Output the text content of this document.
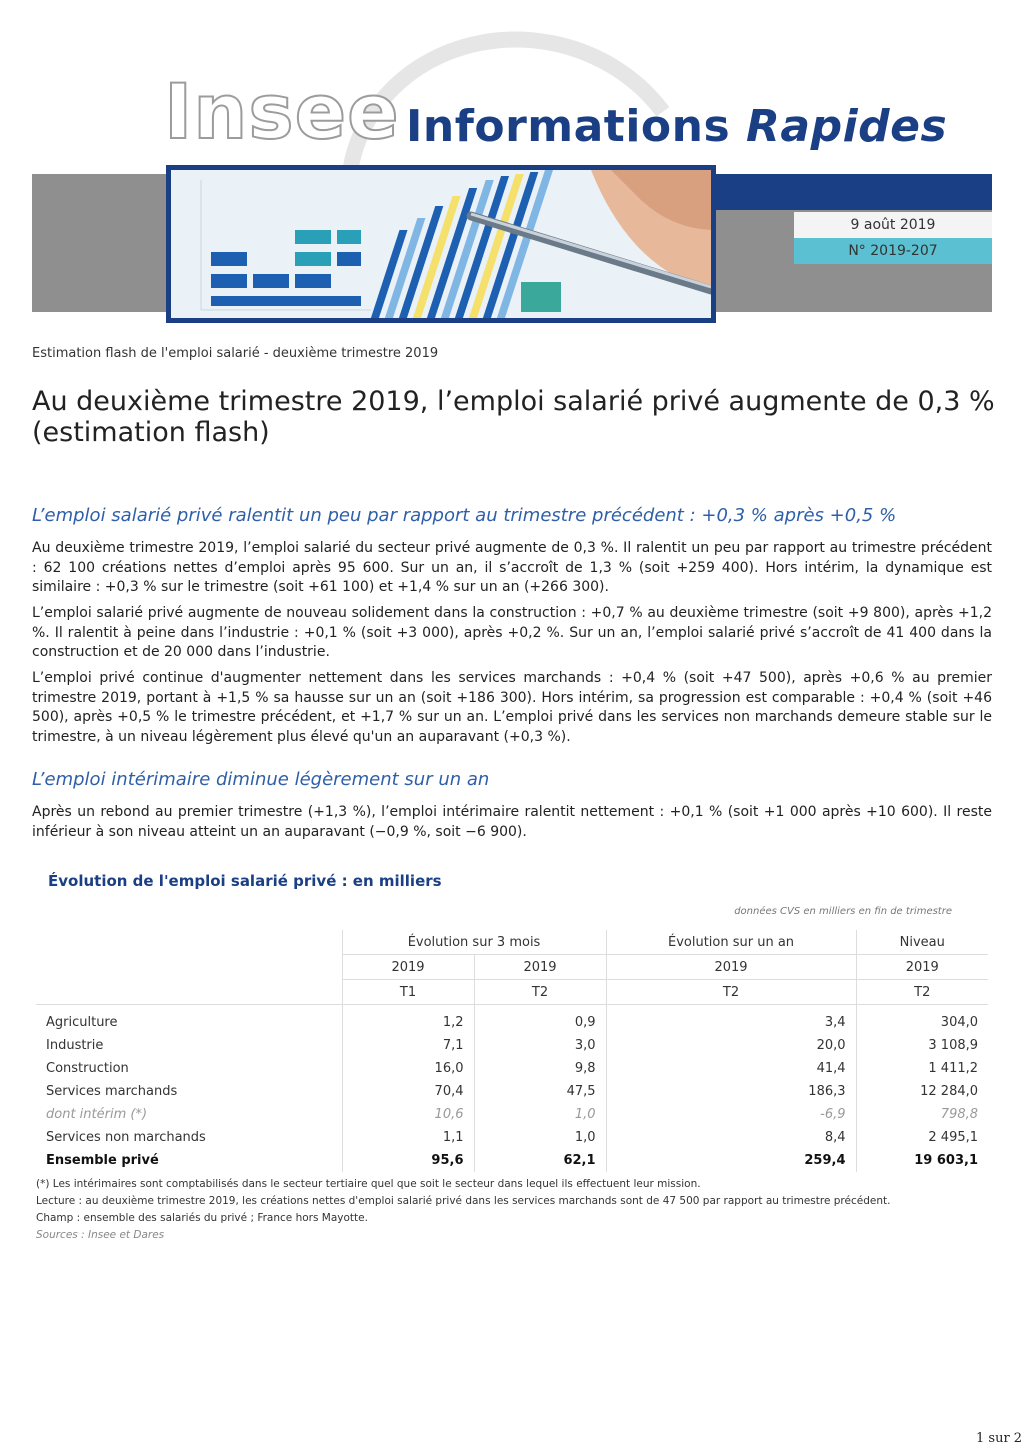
Insee Informations Rapides
9 août 2019
N° 2019-207
Estimation flash de l'emploi salarié - deuxième trimestre 2019
Au deuxième trimestre 2019, l’emploi salarié privé augmente de 0,3 % (estimation flash)
L’emploi salarié privé ralentit un peu par rapport au trimestre précédent : +0,3 % après +0,5 %
Au deuxième trimestre 2019, l’emploi salarié du secteur privé augmente de 0,3 %. Il ralentit un peu par rapport au trimestre précédent : 62 100 créations nettes d’emploi après 95 600. Sur un an, il s’accroît de 1,3 % (soit +259 400). Hors intérim, la dynamique est similaire : +0,3 % sur le trimestre (soit +61 100) et +1,4 % sur un an (+266 300).
L’emploi salarié privé augmente de nouveau solidement dans la construction : +0,7 % au deuxième trimestre (soit +9 800), après +1,2 %. Il ralentit à peine dans l’industrie : +0,1 % (soit +3 000), après +0,2 %. Sur un an, l’emploi salarié privé s’accroît de 41 400 dans la construction et de 20 000 dans l’industrie.
L’emploi privé continue d'augmenter nettement dans les services marchands : +0,4 % (soit +47 500), après +0,6 % au premier trimestre 2019, portant à +1,5 % sa hausse sur un an (soit +186 300). Hors intérim, sa progression est comparable : +0,4 % (soit +46 500), après +0,5 % le trimestre précédent, et +1,7 % sur un an. L’emploi privé dans les services non marchands demeure stable sur le trimestre, à un niveau légèrement plus élevé qu'un an auparavant (+0,3 %).
L’emploi intérimaire diminue légèrement sur un an
Après un rebond au premier trimestre (+1,3 %), l’emploi intérimaire ralentit nettement : +0,1 % (soit +1 000 après +10 600). Il reste inférieur à son niveau atteint un an auparavant (−0,9 %, soit −6 900).
Évolution de l'emploi salarié privé : en milliers
données CVS en milliers en fin de trimestre
	Évolution sur 3 mois		Évolution sur un an	Niveau
	2019	2019	2019	2019
	T1	T2	T2	T2
Agriculture	1,2	0,9	3,4	304,0
Industrie	7,1	3,0	20,0	3 108,9
Construction	16,0	9,8	41,4	1 411,2
Services marchands	70,4	47,5	186,3	12 284,0
dont intérim (*)	10,6	1,0	-6,9	798,8
Services non marchands	1,1	1,0	8,4	2 495,1
Ensemble privé	95,6	62,1	259,4	19 603,1
(*) Les intérimaires sont comptabilisés dans le secteur tertiaire quel que soit le secteur dans lequel ils effectuent leur mission.
Lecture : au deuxième trimestre 2019, les créations nettes d'emploi salarié privé dans les services marchands sont de 47 500 par rapport au trimestre précédent.
Champ : ensemble des salariés du privé ; France hors Mayotte.
Sources : Insee et Dares
1 sur 2
